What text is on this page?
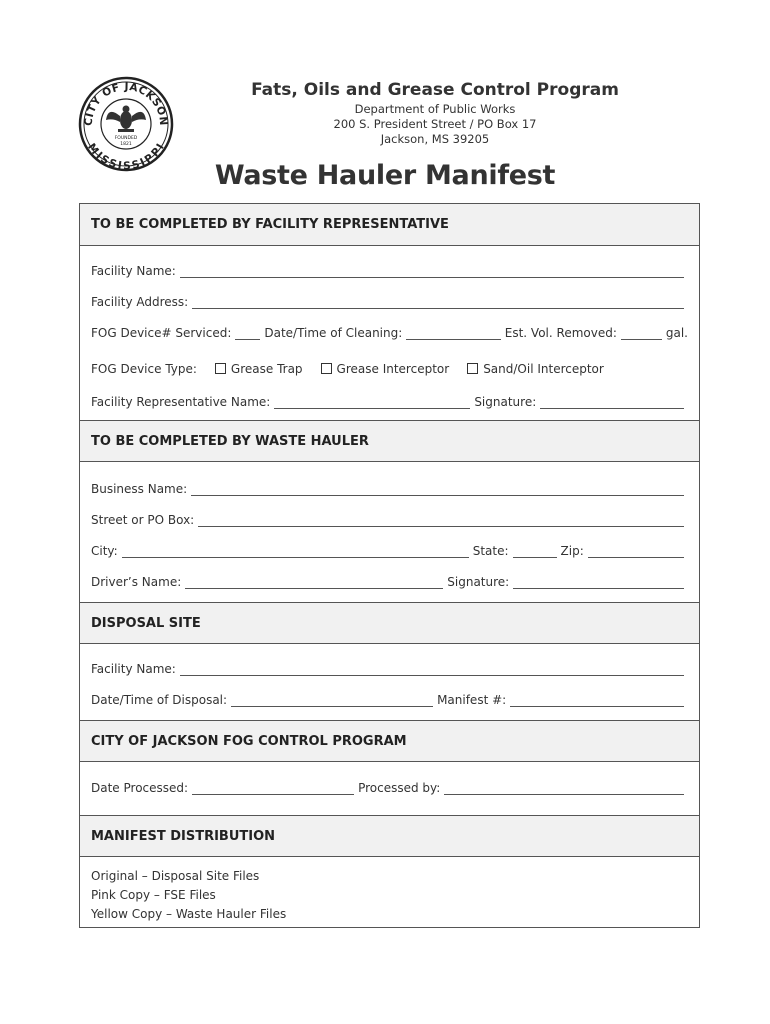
CITY OF JACKSON
MISSISSIPPI
FOUNDED
1821
Fats, Oils and Grease Control Program
Department of Public Works
200 S. President Street / PO Box 17
Jackson, MS 39205
Waste Hauler Manifest
TO BE COMPLETED BY FACILITY REPRESENTATIVE
Facility Name:
Facility Address:
FOG Device# Serviced:	Date/Time of Cleaning:	Est. Vol. Removed:	gal.
FOG Device Type:	Grease Trap	Grease Interceptor	Sand/Oil Interceptor
Facility Representative Name:	Signature:
TO BE COMPLETED BY WASTE HAULER
Business Name:
Street or PO Box:
City:	State:	Zip:
Driver’s Name:	Signature:
DISPOSAL SITE
Facility Name:
Date/Time of Disposal:	Manifest #:
CITY OF JACKSON FOG CONTROL PROGRAM
Date Processed:	Processed by:
MANIFEST DISTRIBUTION
Original – Disposal Site Files
Pink Copy – FSE Files
Yellow Copy – Waste Hauler Files
